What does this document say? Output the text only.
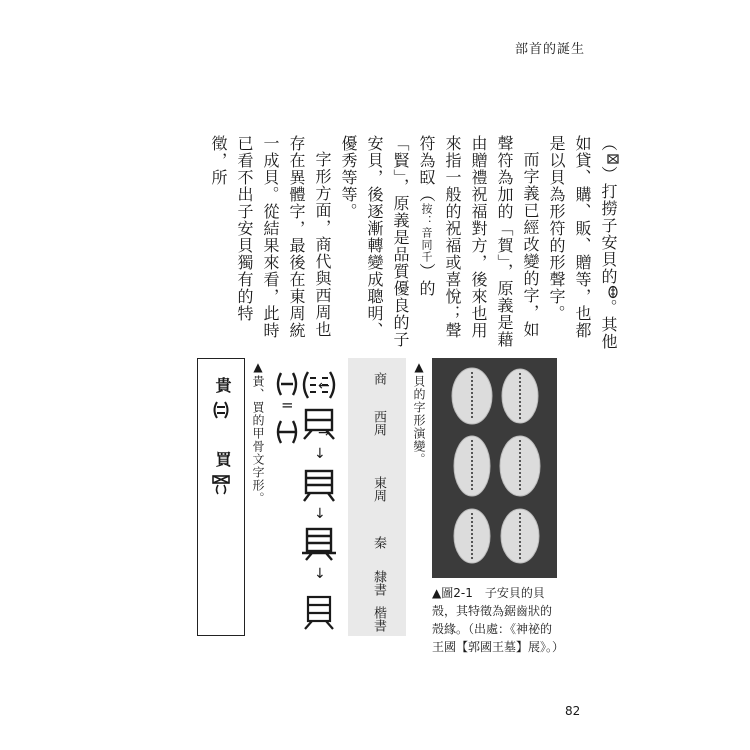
部首的誕生

（）打撈子安貝的。其他如貸、購、販、贈等，也都是以貝為形符的形聲字。

而字義已經改變的字，如聲符為加的「賀」，原義是藉由贈禮祝福對方，後來也用來指一般的祝福或喜悅；聲符為臤（按：音同千）的「賢」，原義是品質優良的子安貝，後逐漸轉變成聰明、優秀等等。

字形方面，商代與西周也存在異體字，最後在東周統一成貝。從結果來看，此時已看不出子安貝獨有的特徵，所

▲貝的字形演變。
▲圖2-1　子安貝的貝殼，其特徵為鋸齒狀的殼緣。（出處：《神祕的王國【郭國王墓】展》。）
商
西周
東周
秦
隸書
楷書
↓
↓
↓
←
→
=
▲貴、買的甲骨文字形。
貴
買
82
